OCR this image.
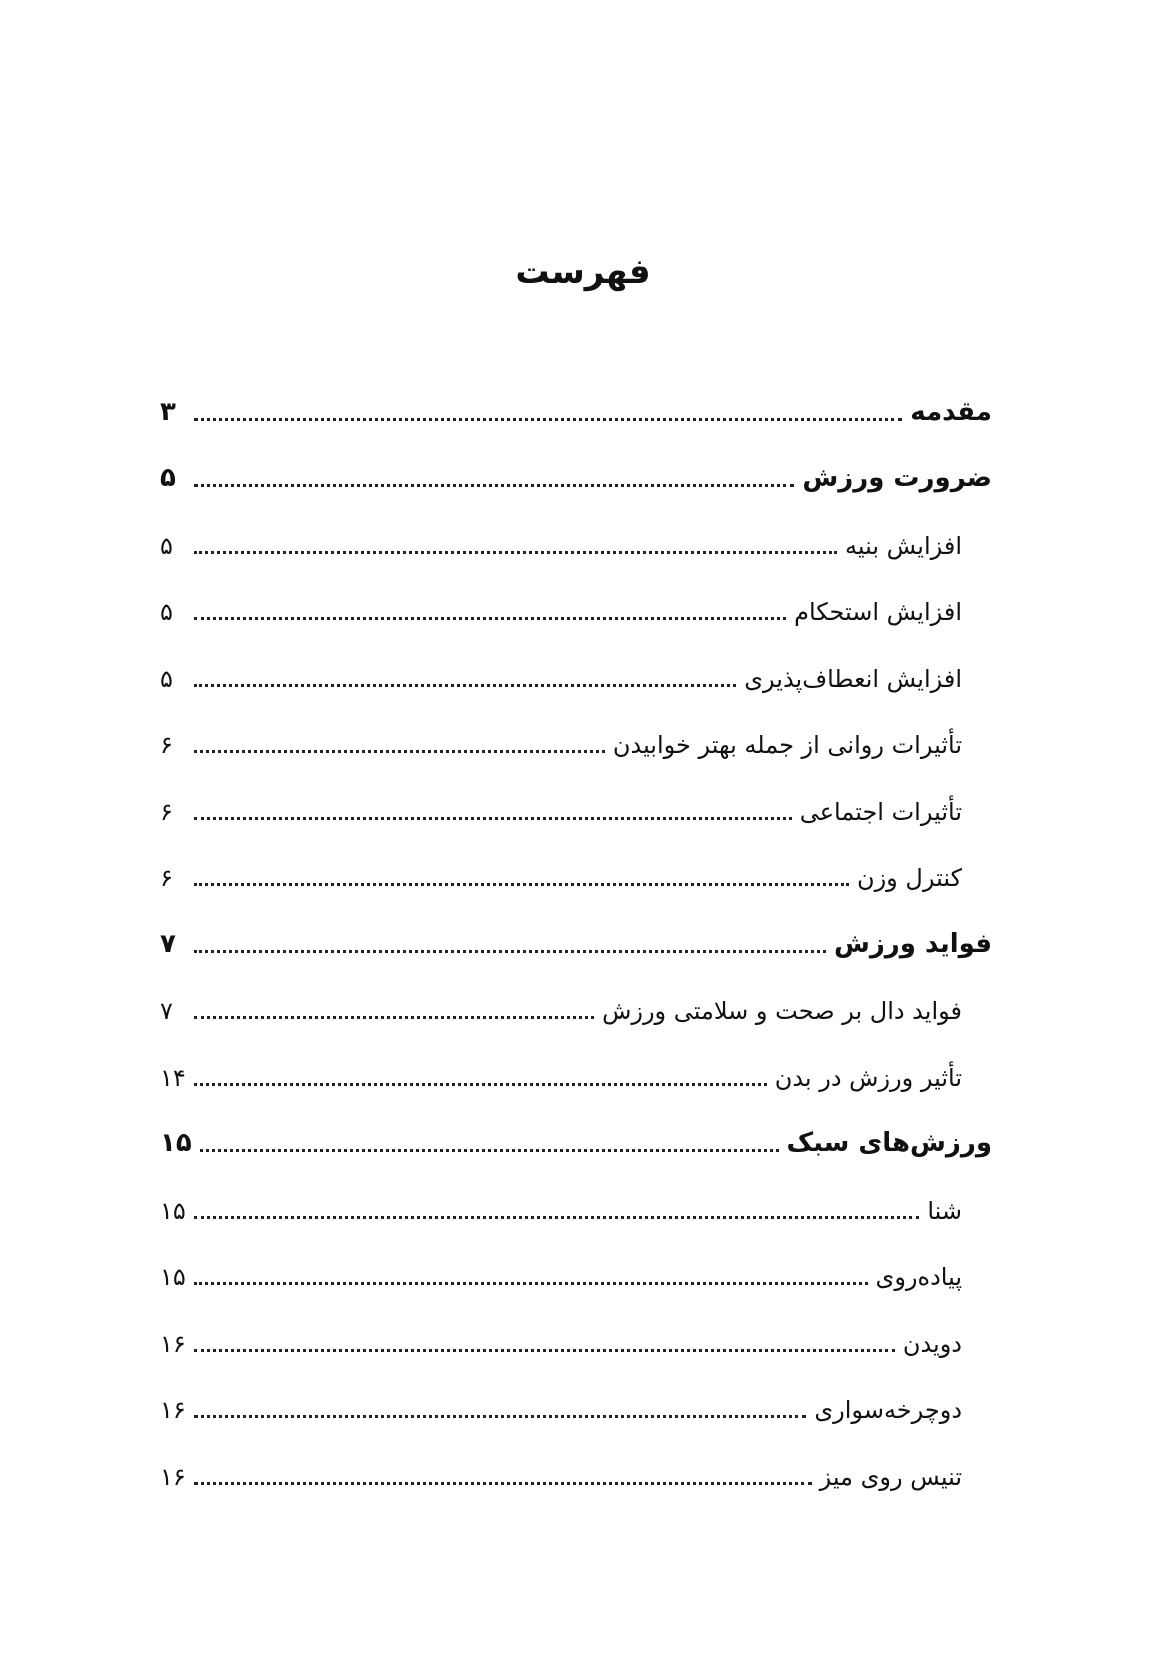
فهرست
مقدمه
۳
ضرورت ورزش
۵
افزایش بنیه
۵
افزایش استحکام
۵
افزایش انعطاف‌پذیری
۵
تأثیرات روانی از جمله بهتر خوابیدن
۶
تأثیرات اجتماعی
۶
کنترل وزن
۶
فواید ورزش
۷
فواید دال بر صحت و سلامتی ورزش
۷
تأثیر ورزش در بدن
۱۴
ورزش‌های سبک
۱۵
شنا
۱۵
پیاده‌روی
۱۵
دویدن
۱۶
دوچرخه‌سواری
۱۶
تنیس روی میز
۱۶
